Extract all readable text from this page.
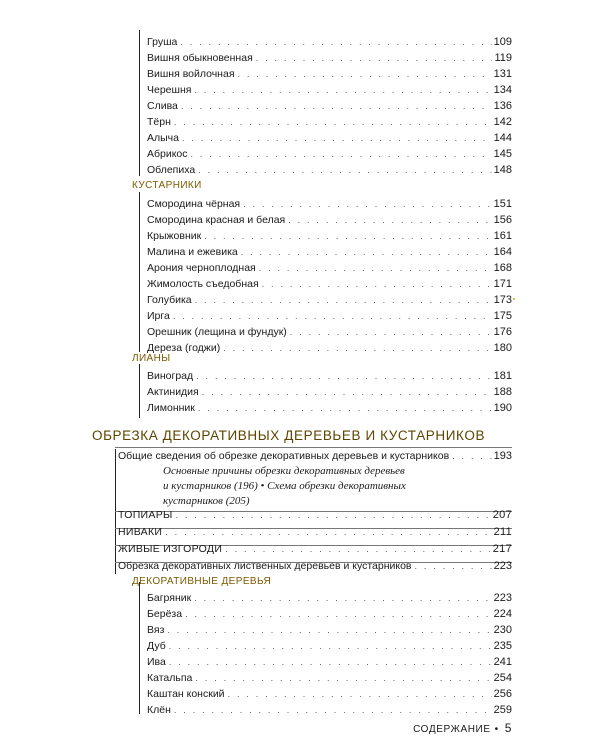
Груша . . .	109
Вишня обыкновенная . . .	119
Вишня войлочная . . .	131
Черешня . . .	134
Слива . . .	136
Тёрн . . .	142
Алыча . . .	144
Абрикос . . .	145
Облепиха . . .	148
КУСТАРНИКИ
Смородина чёрная . . .	151
Смородина красная и белая . . .	156
Крыжовник . . .	161
Малина и ежевика . . .	164
Арония черноплодная . . .	168
Жимолость съедобная . . .	171
Голубика . . .	173
Ирга . . .	175
Орешник (лещина и фундук) . . .	176
Дереза (годжи) . . .	180
ЛИАНЫ
Виноград . . .	181
Актинидия . . .	188
Лимонник . . .	190
ОБРЕЗКА ДЕКОРАТИВНЫХ ДЕРЕВЬЕВ И КУСТАРНИКОВ
Общие сведения об обрезке декоративных деревьев и кустарников . . .	193
Основные причины обрезки декоративных деревьев
и кустарников (196) • Схема обрезки декоративных
кустарников (205)
ТОПИАРЫ . . .	207
НИВАКИ . . .	211
ЖИВЫЕ ИЗГОРОДИ . . .	217
Обрезка декоративных лиственных деревьев и кустарников . . .	223
ДЕКОРАТИВНЫЕ ДЕРЕВЬЯ
Багряник . . .	223
Берёза . . .	224
Вяз . . .	230
Дуб . . .	235
Ива . . .	241
Катальпа . . .	254
Каштан конский . . .	256
Клён . . .	259
СОДЕРЖАНИЕ • 5
